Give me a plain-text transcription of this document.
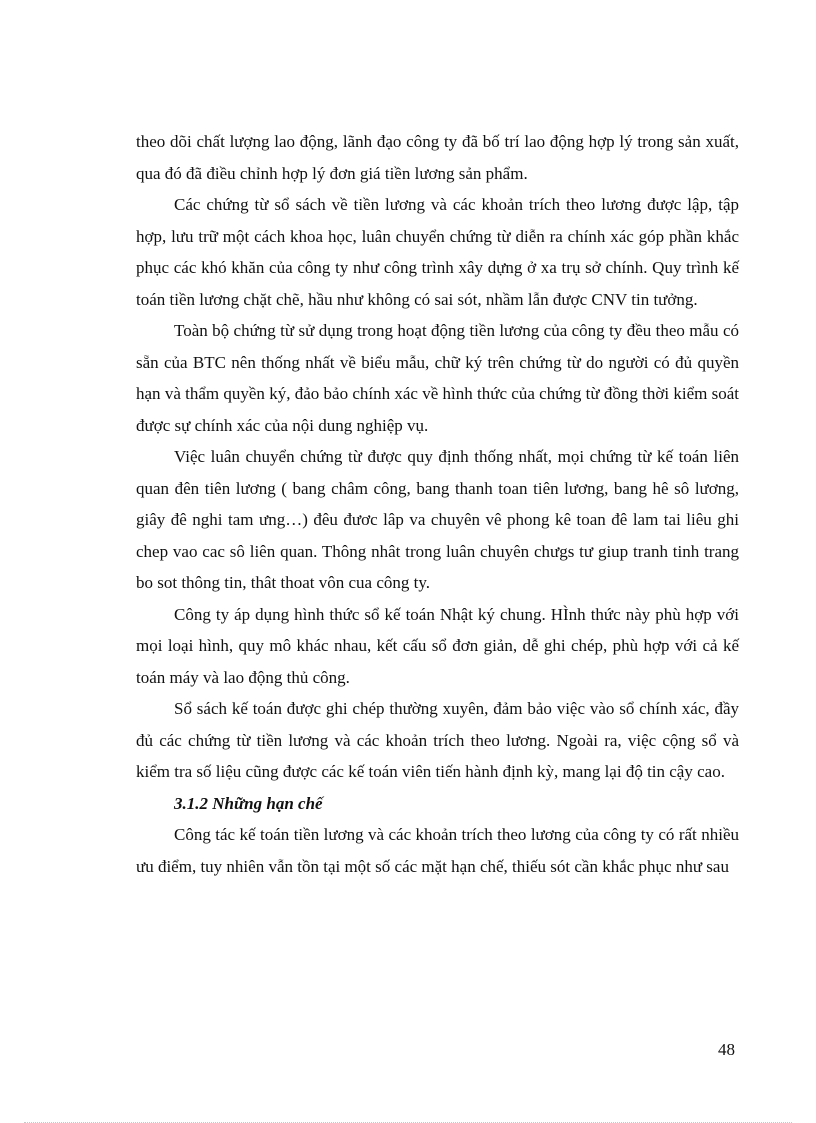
theo dõi chất lượng lao động, lãnh đạo công ty đã bố trí lao động hợp lý trong sản xuất, qua đó đã điều chỉnh hợp lý đơn giá tiền lương sản phẩm.

Các chứng từ sổ sách về tiền lương và các khoản trích theo lương được lập, tập hợp, lưu trữ một cách khoa học, luân chuyển chứng từ diễn ra chính xác góp phần khắc phục các khó khăn của công ty như công trình xây dựng ở xa trụ sở chính. Quy trình kế toán tiền lương chặt chẽ, hầu như không có sai sót, nhầm lẫn được CNV tin tưởng.

Toàn bộ chứng từ sử dụng trong hoạt động tiền lương của công ty đều theo mẫu có sẵn của BTC nên thống nhất về biểu mẫu, chữ ký trên chứng từ do người có đủ quyền hạn và thẩm quyền ký, đảo bảo chính xác về hình thức của chứng từ đồng thời kiểm soát được sự chính xác của nội dung nghiệp vụ.

Việc luân chuyển chứng từ được quy định thống nhất, mọi chứng từ kế toán liên quan đên tiên lương ( bang châm công, bang thanh toan tiên lương, bang hê sô lương, giây đê nghi tam ưng…) đêu đươc lâp va chuyên vê phong kê toan đê lam tai liêu ghi chep vao cac sô liên quan. Thông nhât trong luân chuyên chưgs tư giup tranh tinh trang bo sot thông tin, thât thoat vôn cua công ty.

Công ty áp dụng hình thức sổ kế toán Nhật ký chung. HÌnh thức này phù hợp với mọi loại hình, quy mô khác nhau, kết cấu sổ đơn giản, dễ ghi chép, phù hợp với cả kế toán máy và lao động thủ công.

Sổ sách kế toán được ghi chép thường xuyên, đảm bảo việc vào sổ chính xác, đầy đủ các chứng từ tiền lương và các khoản trích theo lương. Ngoài ra, việc cộng sổ và kiểm tra số liệu cũng được các kế toán viên tiến hành định kỳ, mang lại độ tin cậy cao.

3.1.2 Những hạn chế

Công tác kế toán tiền lương và các khoản trích theo lương của công ty có rất nhiều ưu điểm, tuy nhiên vẫn tồn tại một số các mặt hạn chế, thiếu sót cần khắc phục như sau

48
